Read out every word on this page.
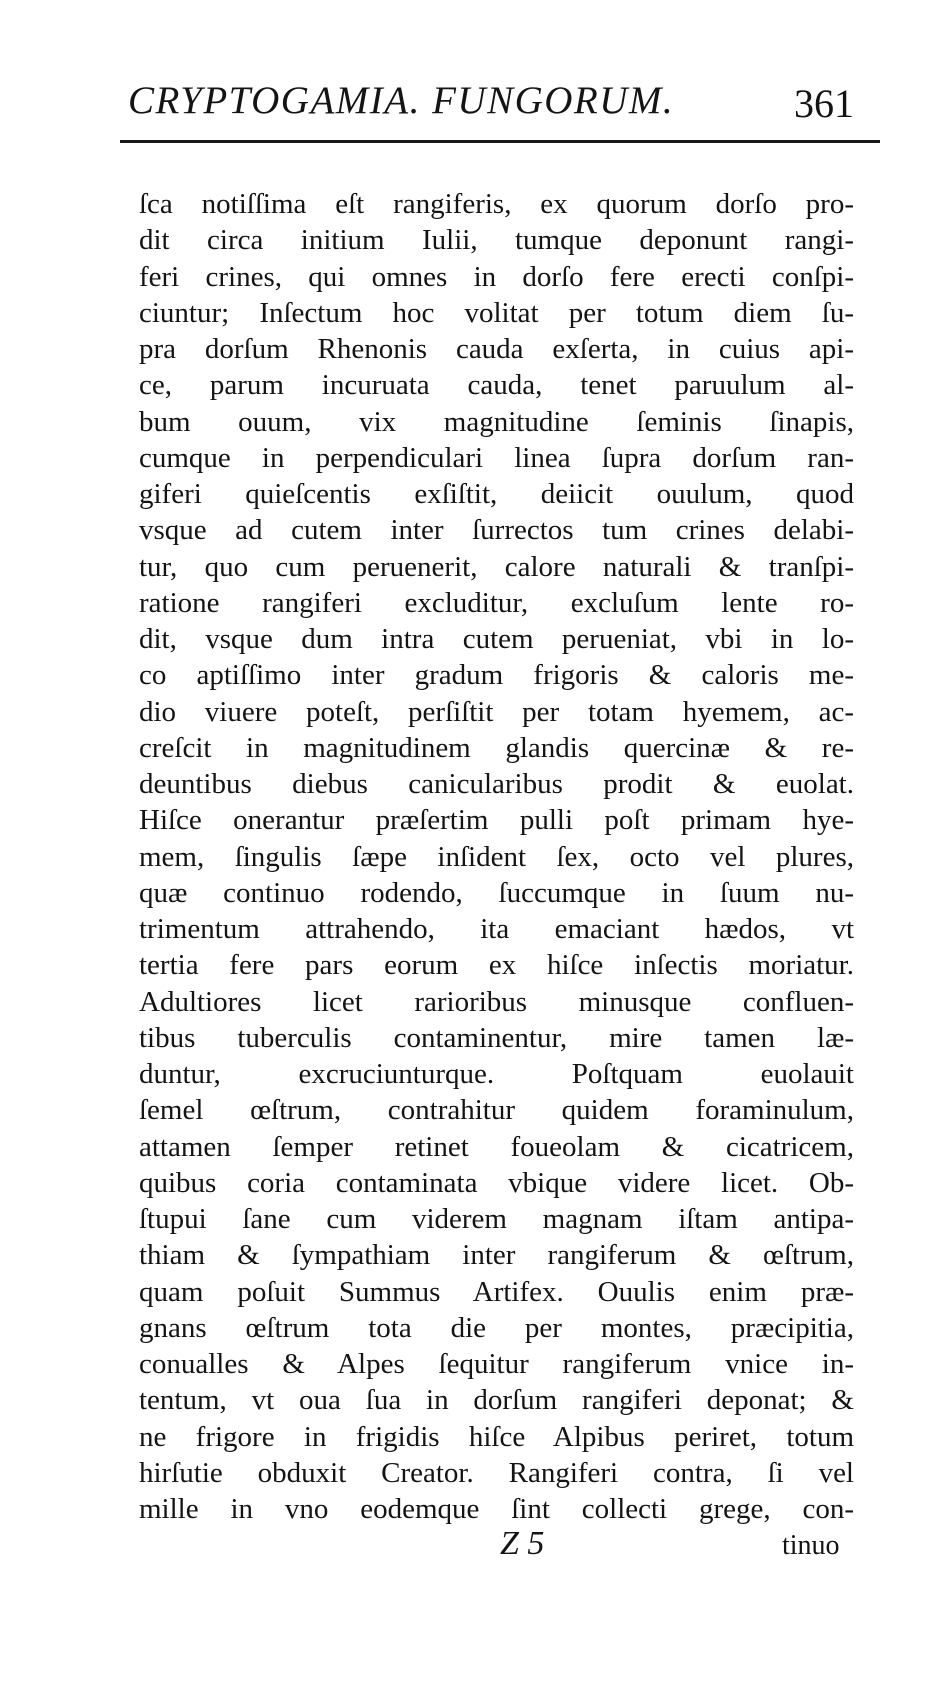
CRYPTOGAMIA. FUNGORUM.	361
ſca notiſſima eſt rangiferis, ex quorum dorſo pro-
dit circa initium Iulii, tumque deponunt rangi-
feri crines, qui omnes in dorſo fere erecti conſpi-
ciuntur; Inſectum hoc volitat per totum diem ſu-
pra dorſum Rhenonis cauda exſerta, in cuius api-
ce, parum incuruata cauda, tenet paruulum al-
bum ouum, vix magnitudine ſeminis ſinapis,
cumque in perpendiculari linea ſupra dorſum ran-
giferi quieſcentis exſiſtit, deiicit ouulum, quod
vsque ad cutem inter ſurrectos tum crines delabi-
tur, quo cum peruenerit, calore naturali & tranſpi-
ratione rangiferi excluditur, excluſum lente ro-
dit, vsque dum intra cutem perueniat, vbi in lo-
co aptiſſimo inter gradum frigoris & caloris me-
dio viuere poteſt, perſiſtit per totam hyemem, ac-
creſcit in magnitudinem glandis quercinæ & re-
deuntibus diebus canicularibus prodit & euolat.
Hiſce onerantur præſertim pulli poſt primam hye-
mem, ſingulis ſæpe inſident ſex, octo vel plures,
quæ continuo rodendo, ſuccumque in ſuum nu-
trimentum attrahendo, ita emaciant hædos, vt
tertia fere pars eorum ex hiſce inſectis moriatur.
Adultiores licet rarioribus minusque confluen-
tibus tuberculis contaminentur, mire tamen læ-
duntur, excruciunturque. Poſtquam euolauit
ſemel œſtrum, contrahitur quidem foraminulum,
attamen ſemper retinet foueolam & cicatricem,
quibus coria contaminata vbique videre licet. Ob-
ſtupui ſane cum viderem magnam iſtam antipa-
thiam & ſympathiam inter rangiferum & œſtrum,
quam poſuit Summus Artifex. Ouulis enim præ-
gnans œſtrum tota die per montes, præcipitia,
conualles & Alpes ſequitur rangiferum vnice in-
tentum, vt oua ſua in dorſum rangiferi deponat; &
ne frigore in frigidis hiſce Alpibus periret, totum
hirſutie obduxit Creator. Rangiferi contra, ſi vel
mille in vno eodemque ſint collecti grege, con-
Z 5	tinuo
